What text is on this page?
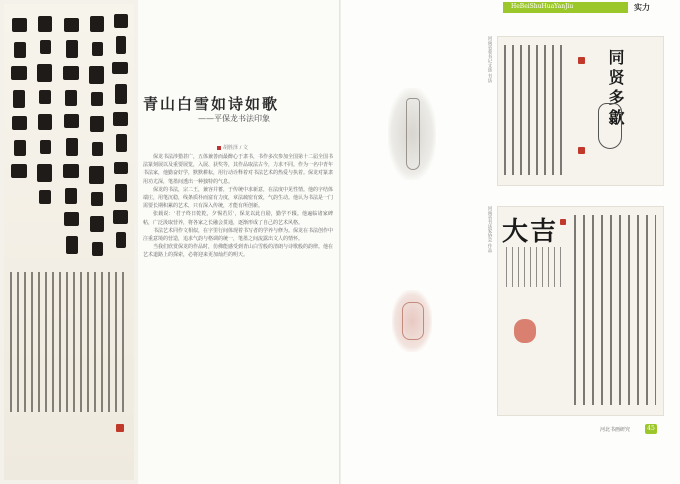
青山白雪如诗如歌
——平保龙书法印象
胡胜泽 / 文

保龙书法涉猎甚广，五体兼善而最醉心于隶书，书作多次参加全国第十二届全国书法篆刻展以及重要展览，入展、获奖等，其作品取法古今，力求不同。作为一名中青年书法家，他勤奋好学，默默耕耘，用行动诠释着对书法艺术的热爱与执着。保龙对篆隶用功尤深，笔墨间透出一种独特的气息。

保龙的书法，宗二王，兼容并蓄，于传统中求新意，在法度中见性情。他的字结体端庄，用笔沉稳，线条质朴而富有力度，章法疏密有致，气韵生动。他认为书法是一门需要长期积累的艺术，只有深入传统，才能有所创新。

张载说：‘君子终日乾乾，夕惕若厉’，保龙以此自励，勤学不辍。他遍临诸家碑帖，广泛汲取营养，将各家之长融会贯通，逐渐形成了自己的艺术风格。

书法艺术同作文相似，在字里行间体现着书写者的学养与修为。保龙在书法创作中注重意境的营造，追求气韵与格调的统一，笔墨之间流露出文人的情怀。

当我们欣赏保龙的作品时，仿佛能感受到青山白雪般的清朗与诗歌般的韵律。他在艺术道路上的探索，必将迎来更加灿烂的明天。

HeBeiShuHuaYanJiu	实力
河南省委书记文选 书法
河南省书法家协会 作品
同贤多歙
大吉
河北书画研究	45
